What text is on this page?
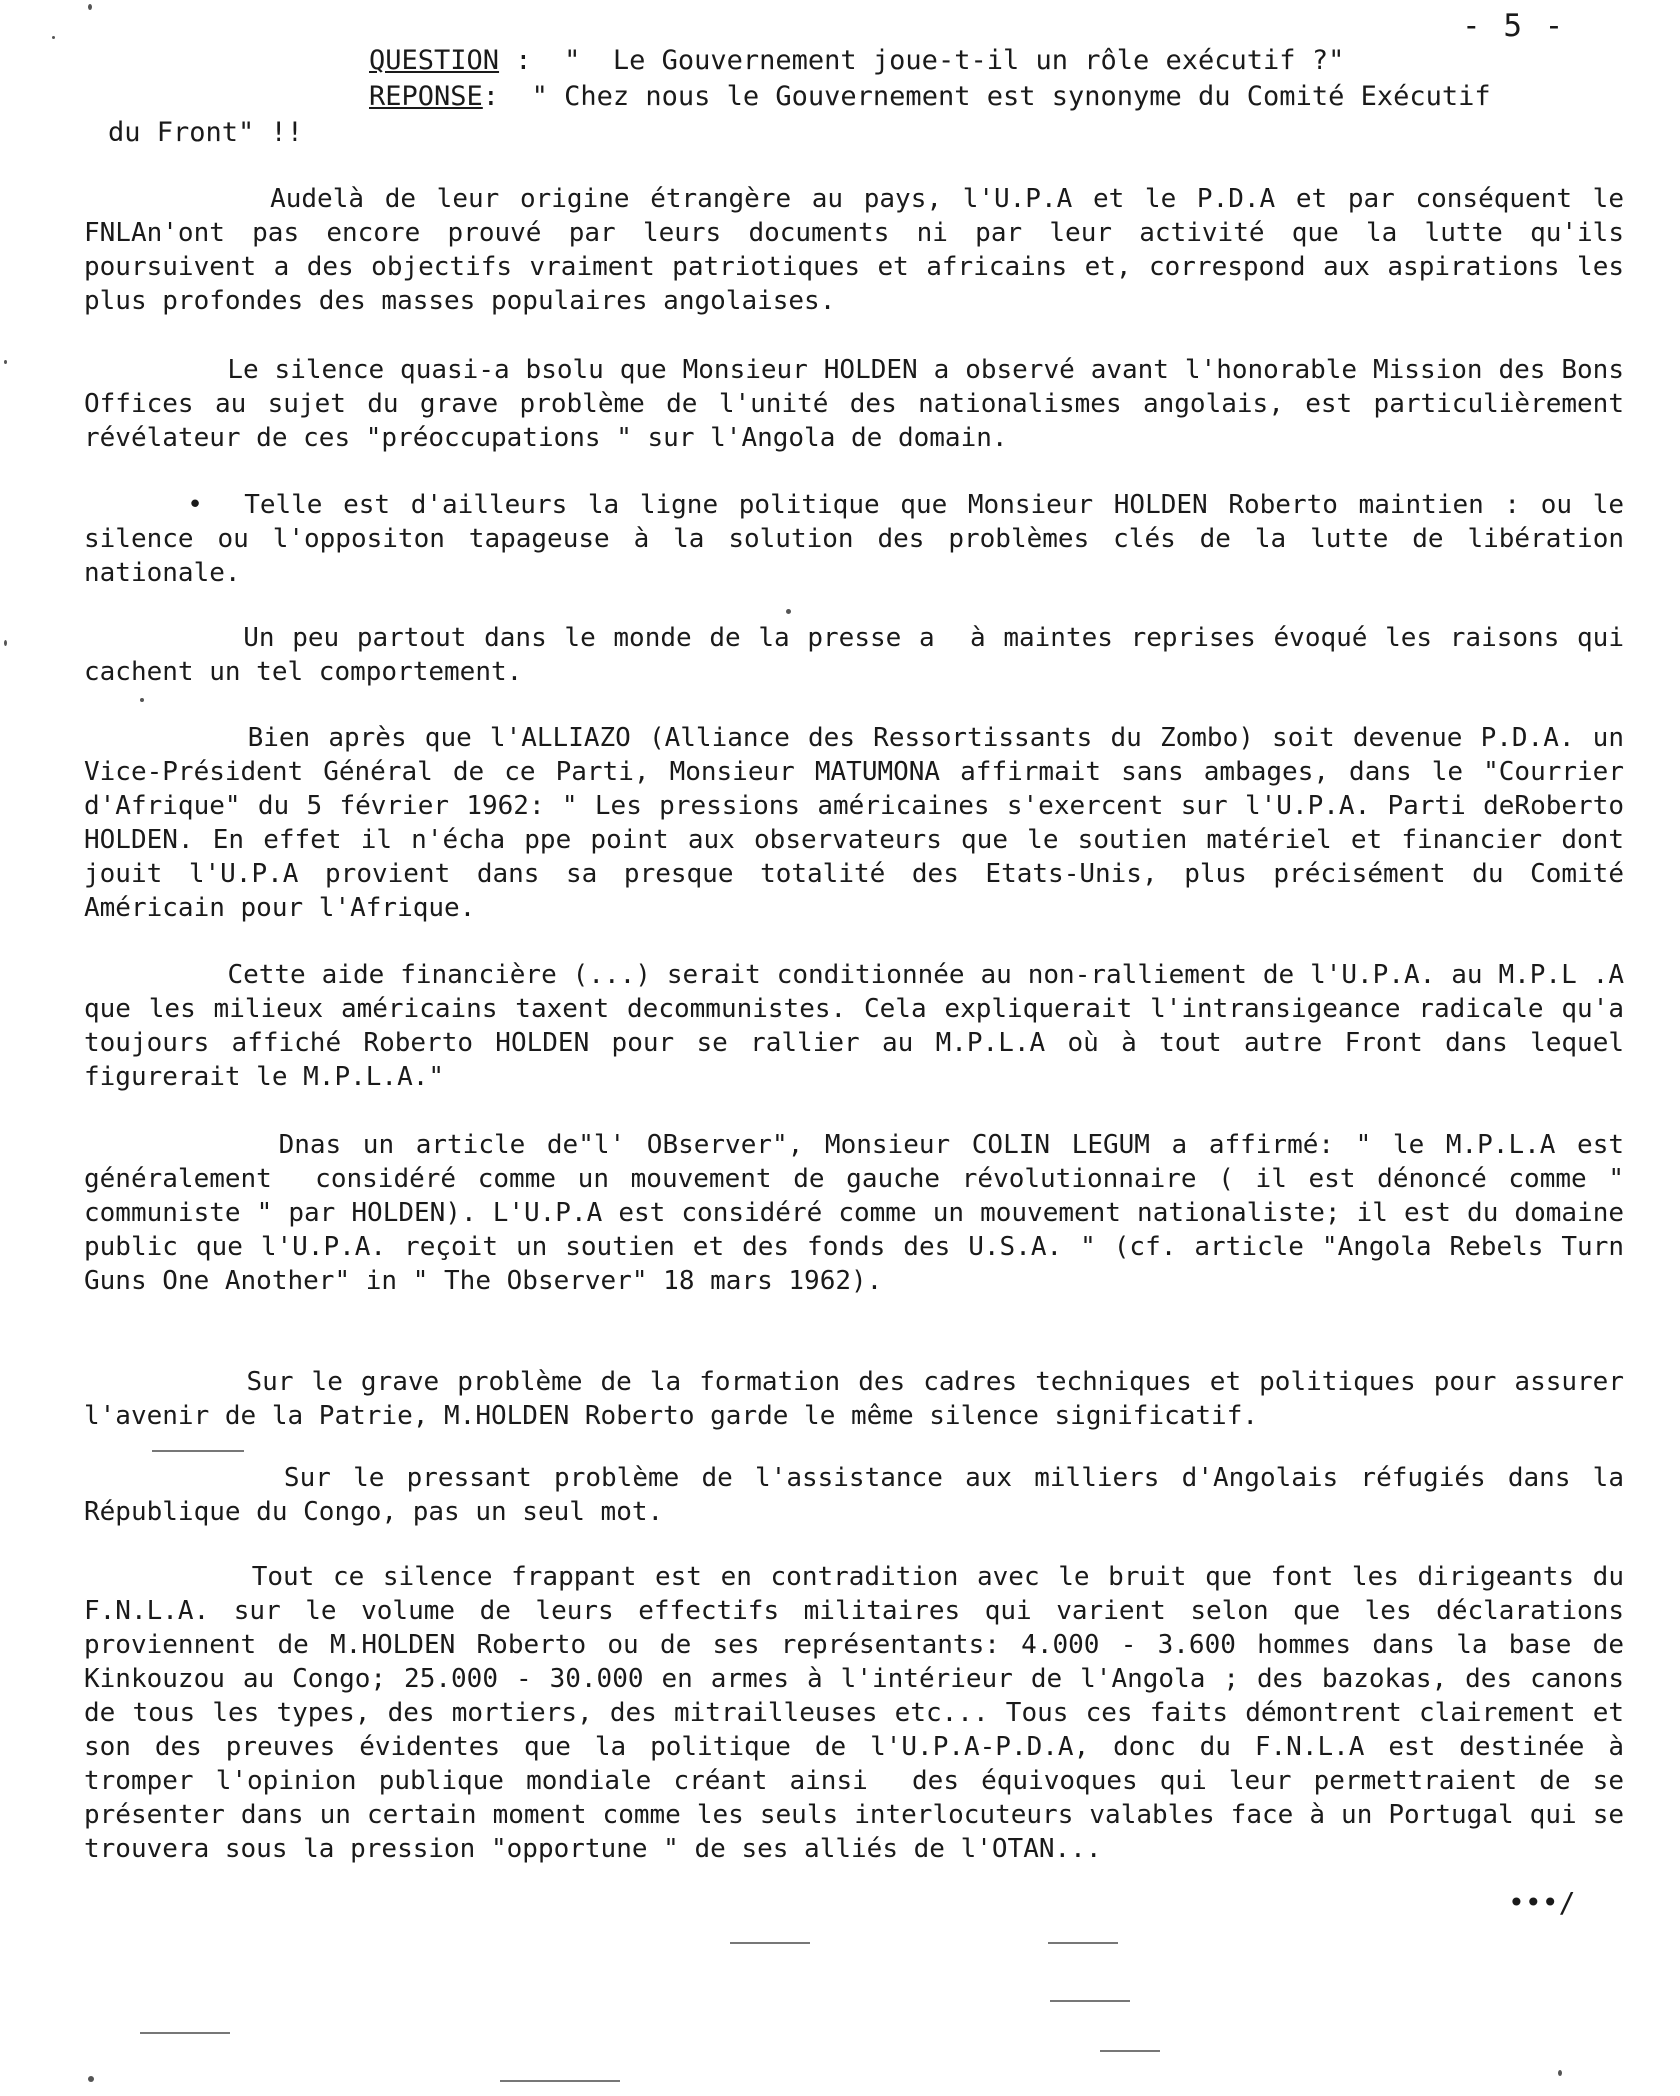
- 5 -
QUESTION :  "  Le Gouvernement joue-t-il un rôle exécutif ?"
REPONSE:  " Chez nous le Gouvernement est synonyme du Comité Exécutif
du Front" !!
Audelà de leur origine étrangère au pays, l'U.P.A et le P.D.A et par conséquent le FNLAn'ont pas encore prouvé par leurs documents ni par leur activité que la lutte qu'ils poursuivent a des objectifs vraiment patriotiques et africains et, correspond aux aspirations les plus profondes des masses populaires angolaises.
Le silence quasi-a bsolu que Monsieur HOLDEN a observé avant l'honorable Mission des Bons Offices au sujet du grave problème de l'unité des nationalismes angolais, est particulièrement révélateur de ces "préoccupations " sur l'Angola de domain.
•  Telle est d'ailleurs la ligne politique que Monsieur HOLDEN Roberto maintien : ou le silence ou l'oppositon tapageuse à la solution des problèmes clés de la lutte de libération nationale.
Un peu partout dans le monde de la presse a  à maintes reprises évoqué les raisons qui cachent un tel comportement.
Bien après que l'ALLIAZO (Alliance des Ressortissants du Zombo) soit devenue P.D.A. un Vice-Président Général de ce Parti, Monsieur MATUMONA affirmait sans ambages, dans le "Courrier d'Afrique" du 5 février 1962: " Les pressions américaines s'exercent sur l'U.P.A. Parti deRoberto HOLDEN. En effet il n'écha ppe point aux observateurs que le soutien matériel et financier dont jouit l'U.P.A provient dans sa presque totalité des Etats-Unis, plus précisément du Comité Américain pour l'Afrique.
Cette aide financière (...) serait conditionnée au non-ralliement de l'U.P.A. au M.P.L .A que les milieux américains taxent decommunistes. Cela expliquerait l'intransigeance radicale qu'a toujours affiché Roberto HOLDEN pour se rallier au M.P.L.A où à tout autre Front dans lequel figurerait le M.P.L.A."
Dnas un article de"l' OBserver", Monsieur COLIN LEGUM a affirmé: " le M.P.L.A est généralement  considéré comme un mouvement de gauche révolutionnaire ( il est dénoncé comme " communiste " par HOLDEN). L'U.P.A est considéré comme un mouvement nationaliste; il est du domaine public que l'U.P.A. reçoit un soutien et des fonds des U.S.A. " (cf. article "Angola Rebels Turn Guns One Another" in " The Observer" 18 mars 1962).
Sur le grave problème de la formation des cadres techniques et politiques pour assurer l'avenir de la Patrie, M.HOLDEN Roberto garde le même silence significatif.
Sur le pressant problème de l'assistance aux milliers d'Angolais réfugiés dans la  République du Congo, pas un seul mot.
Tout ce silence frappant est en contradition avec le bruit que font les dirigeants du F.N.L.A. sur le volume de leurs effectifs militaires qui varient selon que les déclarations proviennent de M.HOLDEN Roberto ou de ses représentants: 4.000 - 3.600 hommes dans la base de Kinkouzou au Congo; 25.000 - 30.000 en armes à l'intérieur de l'Angola ; des bazokas, des canons de tous les types, des mortiers, des mitrailleuses etc... Tous ces faits démontrent clairement et son des preuves évidentes que la politique de l'U.P.A-P.D.A, donc du F.N.L.A est destinée à tromper l'opinion publique mondiale créant ainsi  des équivoques qui leur permettraient de se présenter dans un certain moment comme les seuls interlocuteurs valables face à un Portugal qui se trouvera sous la pression "opportune " de ses alliés de l'OTAN...
•••/
